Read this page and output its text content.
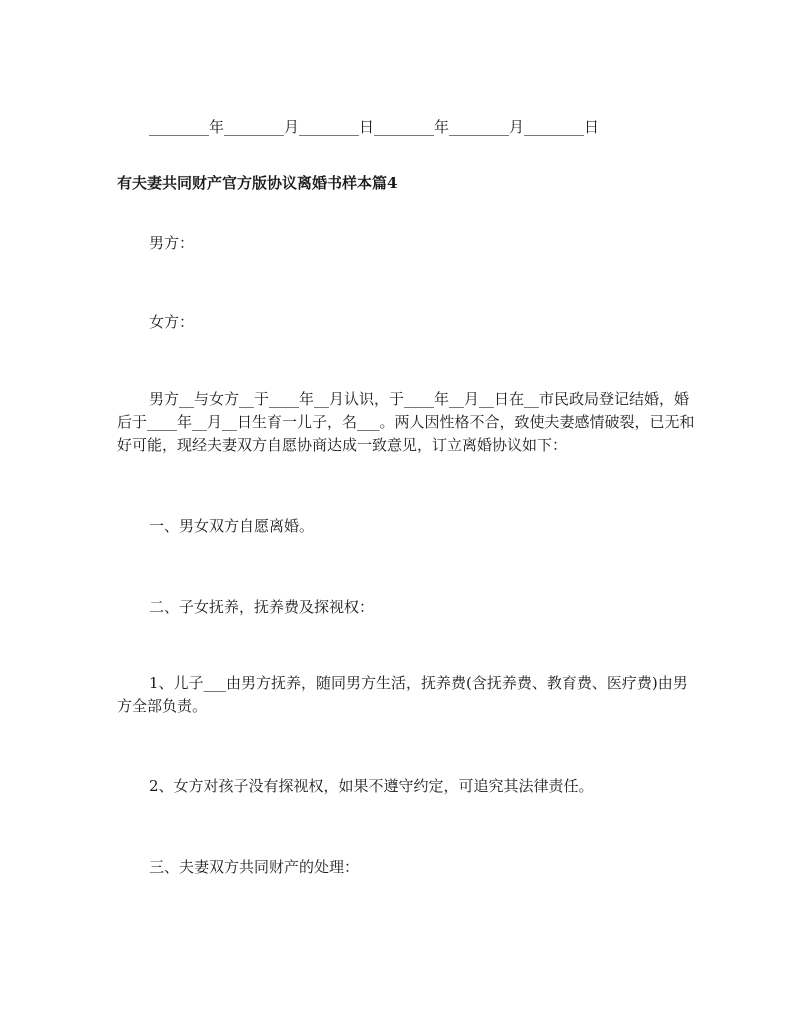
________年________月________日________年________月________日

有夫妻共同财产官方版协议离婚书样本篇4

男方：

女方：

男方__与女方__于____年__月认识，于____年__月__日在__市民政局登记结婚，婚后于____年__月__日生育一儿子，名___。两人因性格不合，致使夫妻感情破裂，已无和好可能，现经夫妻双方自愿协商达成一致意见，订立离婚协议如下：

一、男女双方自愿离婚。

二、子女抚养，抚养费及探视权：

1、儿子___由男方抚养，随同男方生活，抚养费(含抚养费、教育费、医疗费)由男方全部负责。

2、女方对孩子没有探视权，如果不遵守约定，可追究其法律责任。

三、夫妻双方共同财产的处理：
